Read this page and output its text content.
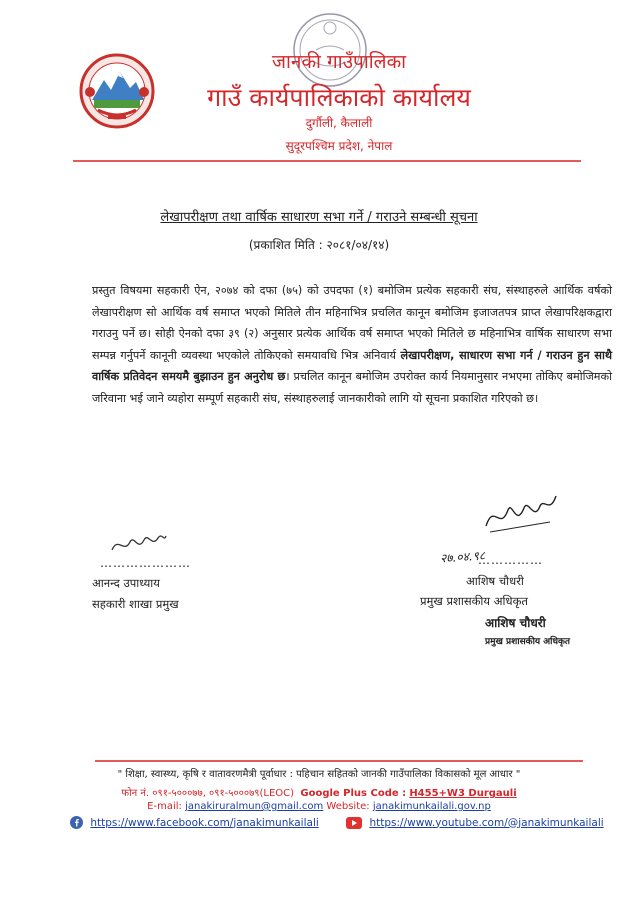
जानकी गाउँपालिका
गाउँ कार्यपालिकाको कार्यालय
दुर्गौली, कैलाली
सुदूरपश्चिम प्रदेश, नेपाल
लेखापरीक्षण तथा वार्षिक साधारण सभा गर्ने / गराउने सम्बन्धी सूचना
(प्रकाशित मिति : २०८१/०४/१४)
प्रस्तुत विषयमा सहकारी ऐन, २०७४ को दफा (७५) को उपदफा (१) बमोजिम प्रत्येक सहकारी संघ, संस्थाहरुले आर्थिक वर्षको लेखापरीक्षण सो आर्थिक वर्ष समाप्त भएको मितिले तीन महिनाभित्र प्रचलित कानून बमोजिम इजाजतपत्र प्राप्त लेखापरिक्षकद्वारा गराउनु पर्ने छ। सोही ऐनको दफा ३९ (२) अनुसार प्रत्येक आर्थिक वर्ष समाप्त भएको मितिले छ महिनाभित्र वार्षिक साधारण सभा सम्पन्न गर्नुपर्ने कानूनी व्यवस्था भएकोले तोकिएको समयावधि भित्र अनिवार्य लेखापरीक्षण, साधारण सभा गर्न / गराउन हुन साथै वार्षिक प्रतिवेदन समयमै बुझाउन हुन अनुरोध छ। प्रचलित कानून बमोजिम उपरोक्त कार्य नियमानुसार नभएमा तोकिए बमोजिमको जरिवाना भई जाने व्यहोरा सम्पूर्ण सहकारी संघ, संस्थाहरुलाई जानकारीको लागि यो सूचना प्रकाशित गरिएको छ।
…………………
आनन्द उपाध्याय
सहकारी शाखा प्रमुख
२७.०४.९८
……………
आशिष चौधरी
प्रमुख प्रशासकीय अधिकृत
आशिष चौधरी
प्रमुख प्रशासकीय अधिकृत
" शिक्षा, स्वास्थ्य, कृषि र वातावरणमैत्री पूर्वाधार : पहिचान सहितको जानकी गाउँपालिका विकासको मूल आधार "
फोन नं. ०९१-५०००७७, ०९१-५०००७९(LEOC) Google Plus Code : H455+W3 Durgauli
E-mail: janakiruralmun@gmail.com Website: janakimunkailali.gov.np
https://www.facebook.com/janakimunkailali	https://www.youtube.com/@janakimunkailali
